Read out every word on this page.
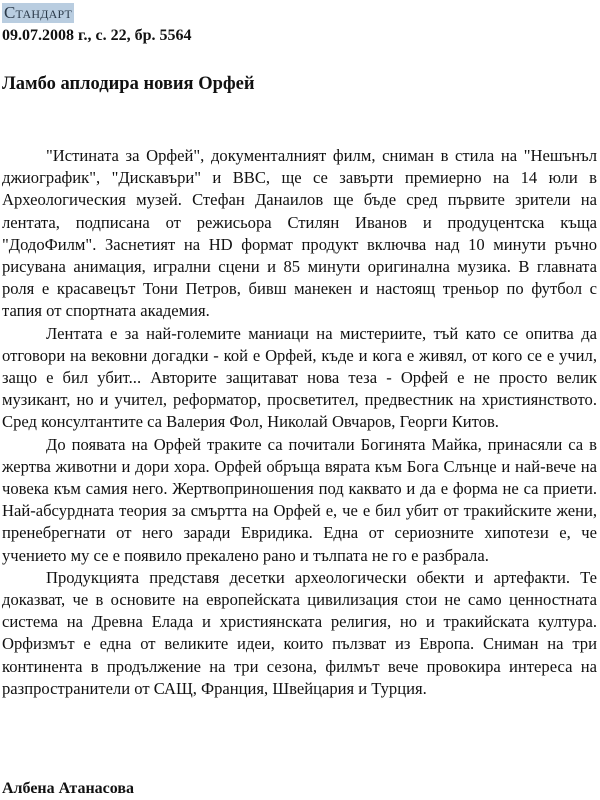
Стандарт
09.07.2008 г., с. 22, бр. 5564
Ламбо аплодира новия Орфей

"Истината за Орфей", документалният филм, сниман в стила на "Нешънъл джиографик", "Дискавъри" и BBC, ще се завърти премиерно на 14 юли в Археологическия музей. Стефан Данаилов ще бъде сред първите зрители на лентата, подписана от режисьора Стилян Иванов и продуцентска къща "ДодоФилм". Заснетият на HD формат продукт включва над 10 минути ръчно рисувана анимация, игрални сцени и 85 минути оригинална музика. В главната роля е красавецът Тони Петров, бивш манекен и настоящ треньор по футбол с тапия от спортната академия.

Лентата е за най-големите маниаци на мистериите, тъй като се опитва да отговори на вековни догадки - кой е Орфей, къде и кога е живял, от кого се е учил, защо е бил убит... Авторите защитават нова теза - Орфей е не просто велик музикант, но и учител, реформатор, просветител, предвестник на християнството. Сред консултантите са Валерия Фол, Николай Овчаров, Георги Китов.

До появата на Орфей траките са почитали Богинята Майка, принасяли са в жертва животни и дори хора. Орфей обръща вярата към Бога Слънце и най-вече на човека към самия него. Жертвоприношения под каквато и да е форма не са приети. Най-абсурдната теория за смъртта на Орфей е, че е бил убит от тракийските жени, пренебрегнати от него заради Евридика. Една от сериозните хипотези е, че учението му се е появило прекалено рано и тълпата не го е разбрала.

Продукцията представя десетки археологически обекти и артефакти. Те доказват, че в основите на европейската цивилизация стои не само ценностната система на Древна Елада и християнската религия, но и тракийската култура. Орфизмът е една от великите идеи, които пълзват из Европа. Сниман на три континента в продължение на три сезона, филмът вече провокира интереса на разпространители от САЩ, Франция, Швейцария и Турция.

Албена Атанасова
